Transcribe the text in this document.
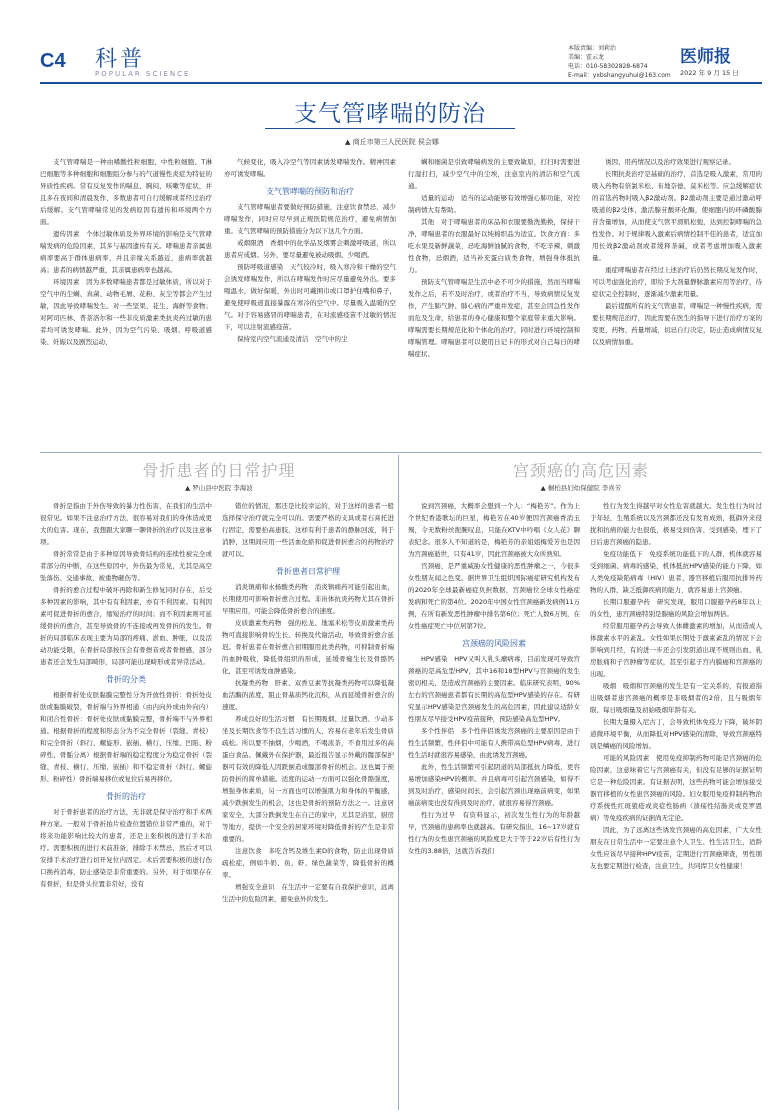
C4 科普
POPULAR SCIENCE
本版责编：刘莉治
美编：霍云龙
电话：010-58302828-6874
E-mail：yxbshangyuhui@163.com
医师报
2022 年 9 月 15 日
支气管哮喘的防治
▲ 商丘市第三人民医院 侯会娜

支气管哮喘是一种由嗜酸性粒细胞、中性粒细胞、T淋巴细胞等多种细胞和细胞组分参与的气道慢性炎症为特征的异质性疾病。常有反复发作的喘息、胸闷、咳嗽等症状，并且多在夜间和清晨发作，多数患者可自行缓解或者经过治疗后缓解。支气管哮喘常见的发病原因有遗传和环境两个方面。

遗传因素　个体过敏体质及外界环境的影响是支气管哮喘发病的危险因素，其多与基因遗传有关。哮喘患者亲属患病率要高于群体患病率，并且亲缘关系越近，患病率就越高；患者的病情越严重，其亲属患病率也越高。

环境因素　因为多数哮喘患者都是过敏体质，所以对于空气中的尘螨、真菌、动物毛屑、花粉、灰尘等都会产生过敏，因此导致哮喘发生。对一些坚果、花生、海鲜等食物；对阿司匹林、普萘洛尔和一些非皮质激素类抗炎药过敏的患者均可诱发哮喘。此外，因为空气污染、吸烟、呼吸道感染、妊娠以及剧烈运动、

气候变化，吸入冷空气等因素诱发哮喘发作。精神因素亦可诱发哮喘。

支气管哮喘的预防和治疗

支气管哮喘患者要做好预防措施，注意饮食禁忌，减少哮喘发作，同时应尽早到正规医院规范治疗，避免病情加重。支气管哮喘的预防措施分为以下这几个方面。

戒烟限酒　香烟中的化学品及烟雾会刺激呼吸道，所以患者应戒烟。另外，要尽量避免被动吸烟、少喝酒。

预防呼吸道感染　天气较冷时，吸入寒冷和干燥的空气会诱发哮喘发作，所以在哮喘发作时应尽量避免外出。要多喝温水，做好保暖，外出时可戴围巾或口罩护住嘴和鼻子，避免使呼吸道直接暴露在寒冷的空气中。尽量吸入温暖的空气。对于容易感冒的哮喘患者，在对流感疫苗不过敏的情况下，可以注射流感疫苗。

保持室内空气流通及清洁　空气中的尘

螨和细菌是引致哮喘病发的主要致敏原，打扫时需要进行湿打扫，减少空气中的尘埃，注意室内的清洁和空气流通。

适量的运动　适当的运动能够有效增强心肺功能，对控制病情大有帮助。

其他　对于哮喘患者的床品和衣服要勤洗勤换，保持干净，哮喘患者的衣服最好以纯棉织品为适宜。饮食方面：多吃水果及新鲜蔬菜，忌吃海鲜油腻的食物，不吃辛辣、刺激性食物，忌烟酒，适当补充蛋白质类食物，增强身体抵抗力。

预防支气管哮喘是生活中必不可少的措施，然而当哮喘发作之后，若不及时治疗，或者治疗不当，导致病情反复发作，产生肺气肿、肺心病的严重并发症，甚至会因急性发作而危及生命，给患者的身心健康和整个家庭带来重大影响。哮喘需要长期规范化和个体化的治疗，同时进行环境控制和哮喘管理。哮喘患者可以使用日记卡的形式对自己每日的哮喘症状、

诱因、用药情况以及治疗效果进行观察记录。

长期抗炎治疗是基础的治疗，首选是吸入激素，常用的吸入药物有倍氯米松、布地奈德、莫米松等。应急缓解症状的首选药物时吸入β2激动剂。β2激动剂主要是通过激动呼吸道的β2受体，激活腺苷酸环化酶，使细胞内的环磷酸腺苷含量增加，从而使支气管平滑肌松弛，达到控制哮喘的急性发作。对于规律吸入激素后病情控制不佳的患者，适宜加用长效β2激动剂或者缓释茶碱，或者考虑增加吸入激素量。

重症哮喘患者在经过上述治疗后仍然长期反复发作时，可以考虑强化治疗，即给予大剂量静脉激素应用等治疗，待症状完全控制时，逐渐减少激素用量。

最后提醒所有的支气管患者，哮喘是一种慢性疾病，需要长期规范治疗，因此需要在医生的指导下进行治疗方案的变更，药物、药量增减，切忌自行决定，防止造成病情反复以及病情加重。

骨折患者的日常护理
▲ 罗山县中医院 李海波

骨折是指由于外伤导致的暴力性伤害，在我们的生活中很常见。如果不注意治疗方法，很容易对我们的身体造成更大的危害。现在，我想跟大家聊一聊骨折的治疗以及注意事项。

骨折常常是由于多种原因导致骨结构的连续性被完全或者部分的中断，在这些原因中，外伤最为常见，尤其是高空坠落伤、交通事故、被重物砸伤等。

骨折的愈合过程中破坏再除和新生修复同时存在，后受多种因素的影响，其中有有利因素，亦有不利因素。有利因素可促进骨折的愈合，缩短治疗的时间；而不利因素则可延缓骨折的愈合，甚至导致骨的不连接或再发骨折的发生。骨折的局部临床表现主要为局部的疼痛、淤血、肿胀，以及活动功能受限，在骨折局部按压会有骨擦音或者骨擦感，部分患者还会发生局部畸形，局部可能出现畸形或者异常活动。

骨折的分类

根据骨折处皮肤黏膜完整性分为开放性骨折：骨折处皮肤或黏膜破裂，骨折端与外界相通（由内向外或由外向内）和闭合性骨折：骨折处皮肤或黏膜完整，骨折端不与外界相通。根据骨折的程度和形态分为不完全骨折（裂缝、青枝）和完全骨折（斜行、螺旋形、嵌插、横行、压缩、凹陷、粉碎性、骨骺分离）根据骨折端的稳定程度分为稳定骨折（裂缝、青枝、横行、压缩、嵌插）和不稳定骨折（斜行、螺旋形、粉碎性）骨折端易移位或复位后易再移位。

骨折的治疗

对于骨折患者的治疗方法，无非就是保守治疗和手术两种方案。一般对于骨折拍片检查位置错位非常严重的，对于将来功能影响比较大的患者，还是主张积极的进行手术治疗。需要积极的进行术前准备，排除手术禁忌，然后才可以安排手术治疗进行切开复位内固定。术后需要积极的进行伤口换药消毒，防止感染是非常重要的。另外，对于如果存在有骨折，但是骨头位置非常好，没有

错位的情况，那还是比较幸运的，对于这样的患者一般选择保守治疗就完全可以的。需要严格的支具或者石膏托进行固定，需要抬高患肢，这样有利于患者的静脉回流，利于消肿，这期间应用一些活血化瘀和促进骨折愈合的药物治疗就可以。

骨折患者日常护理

消炎镇痛和水杨酸类药物　消炎镇痛药可能引起出血，长期使用可影响骨折愈合过程。非甾体抗炎药物尤其在骨折早期应用，可能会降低骨折愈合的速度。

皮质激素类药物　强的松龙、地塞米松等皮质激素类药物可直接影响骨的生长、转换及代谢活动，导致骨折愈合延迟。骨折患者在骨折愈合初期服用此类药物，可抑制骨折端的血肿吸收，降低骨组织的形成，延缓骨痂生长及骨骼钙化，甚至可诱发血肿感染。

抗凝类药物　肝素、双香豆素等抗凝类药物可以降低凝血活酶的浓度，阻止骨基质钙化沉积，从而延缓骨折愈合的速度。

养成良好的生活习惯　有长期吸烟、过量饮酒、少动多坐及长期饮食等不良生活习惯的人，容易在老年后发生骨质疏松。所以要不抽烟，少喝酒，不喝浓茶，不食用过多的高蛋白食品。佩戴外在保护器，最近报告显示外戴的髋部保护器可有效的降低人因跌倒造成髋部骨折的机会。这也属于预防骨折的简单措施。适度的运动一方面可以强化骨骼强度，增强身体素质，另一方面也可以增强肌力和身体的平衡感，减少跌倒发生的机会，这也是骨折的预防方法之一。注意居家安全，大部分跌倒发生在自己的家中，尤其是浴室、厨房等地方，提供一个安全的居家环境对降低骨折的产生是非常重要的。

注意饮食　多吃含钙及维生素D的食物，防止出现骨质疏松症，例如牛奶、鱼、虾、绿色蔬菜等，降低骨折的概率。

增强安全意识　在生活中一定要有自我保护意识，远离生活中的危险因素，避免意外的发生。

宫颈癌的高危因素
▲ 桐柏县妇幼保健院 李喜芳

说到宫颈癌，大概率会想到一个人：“梅艳芳”。作为上个世纪香港歌坛的巨星，梅艳芳在40岁便因宫颈癌香消玉殒，令无数粉丝扼腕叹息，只能在KTV中吟唱《女人花》聊表纪念。很多人不知道的是，梅艳芳的亲姐姐梅爱芳也是因为宫颈癌逝世，只有41岁，因此宫颈癌被大众所熟知。

宫颈癌，是严重威胁女性健康的恶性肿瘤之一，今很多女性朋友闻之色变。据世界卫生组织国际癌症研究机构发布的2020年全球最新癌症负担数据，宫颈癌位全球女性癌症发病和死亡的第4位。2020年中国女性宫颈癌新发病例11万例，在所有新发恶性肿瘤中排名第6位；死亡人数6万例，在女性癌症死亡中位居第7位。

宫颈癌的风险因素

HPV感染　HPV又叫人乳头瘤病毒，目前发现可导致宫颈癌的是高危型HPV，其中16和18型HPV与宫颈癌的发生密切相关，是造成宫颈癌的主要因素。临床研究表明，90%左右的宫颈癌患者都有长期的高危型HPV感染的存在。有研究显示HPV感染是宫颈癌发生的高危因素，因此建议适龄女性朋友尽早接受HPV疫苗接种，预防感染高危型HPV。

多个性伴侣　多个性伴侣诱发宫颈癌的主要原因是由于性生活频繁，性伴侣中可能有人携带高危型HPV病毒，进行性生活时就很容易感染，由此诱发宫颈癌。

此外，性生活频繁可引起阴道的局部抵抗力降低，更容易增加感染HPV的概率。并且病毒可引起宫颈感染，如得不到及时治疗，感染时间长，会引起宫颈出现癌前病变，如果癌前病变也没有得到及时治疗，就很容易得宫颈癌。

性行为过早　有资料显示，初次发生性行为的年龄越早，宫颈癌的患病率也就越高。有研究指出，16~17岁就有性行为的女性患宫颈癌的风险度是大于等于22岁后有性行为女性的3.88倍，这就告诉我们

性行为发生得越早对女性危害就越大。发生性行为时过于年轻，生殖系统以及宫颈都还没有发育成熟，抵御外来侵扰和抗病的能力也很低，极易受到伤害、受到感染，埋下了日后患宫颈癌的隐患。

免疫功能低下　免疫系统功能低下的人群，机体就容易受到细菌、病毒的感染，机体抵抗HPV感染的能力下降，如人类免疫缺陷病毒（HIV）患者、器官移植后服用抗排异药物的人群，缺乏抵御疾病的能力，就容易患上宫颈癌。

长期口服避孕药　研究发现，服用口服避孕药8年以上的女性，患宫颈癌特别是腺癌的风险会增加两倍。

经常服用避孕药会导致人体雌激素的增加，从而造成人体激素水平的紊乱。女性如果长期处于激素紊乱的情况下会影响到月经，有的进一步还会引发阴道出现不规则出血、乳房胀痛和子宫肿瘤等症状，甚至引起子宫内膜癌和宫颈癌的出现。

吸烟　吸烟和宫颈癌的发生是有一定关系的，有报道指出吸烟者患宫颈癌的概率是非吸烟者的2倍，且与吸烟年限、每日吸烟量及初始吸烟年龄有关。

长期大量摄入尼古丁，会导致机体免疫力下降，破坏阴道微环境平衡，从而降低对HPV感染的清除，导致宫颈癌特别是鳞癌的风险增加。

可能的风险因素　使用免疫抑制药物可能是宫颈癌的危险因素，这意味着它与宫颈癌有关，但没有足够的证据证明它是一种危险因素。有证据表明，这些药物可能会增加接受器官移植的女性患宫颈癌的风险。妇女服用免疫抑制药物治疗系统性红斑狼疮或炎症性肠病（溃疡性结肠炎或克罗恩病）等免疫疾病的证据尚无定论。

因此，为了远离这些诱发宫颈癌的高危因素，广大女性朋友在日常生活中一定要注意个人卫生、性生活卫生，适龄女性应该尽早接种HPV疫苗，定期进行宫颈癌筛查，男性朋友也要定期进行检查，注意卫生，共同捍卫女性健康！
